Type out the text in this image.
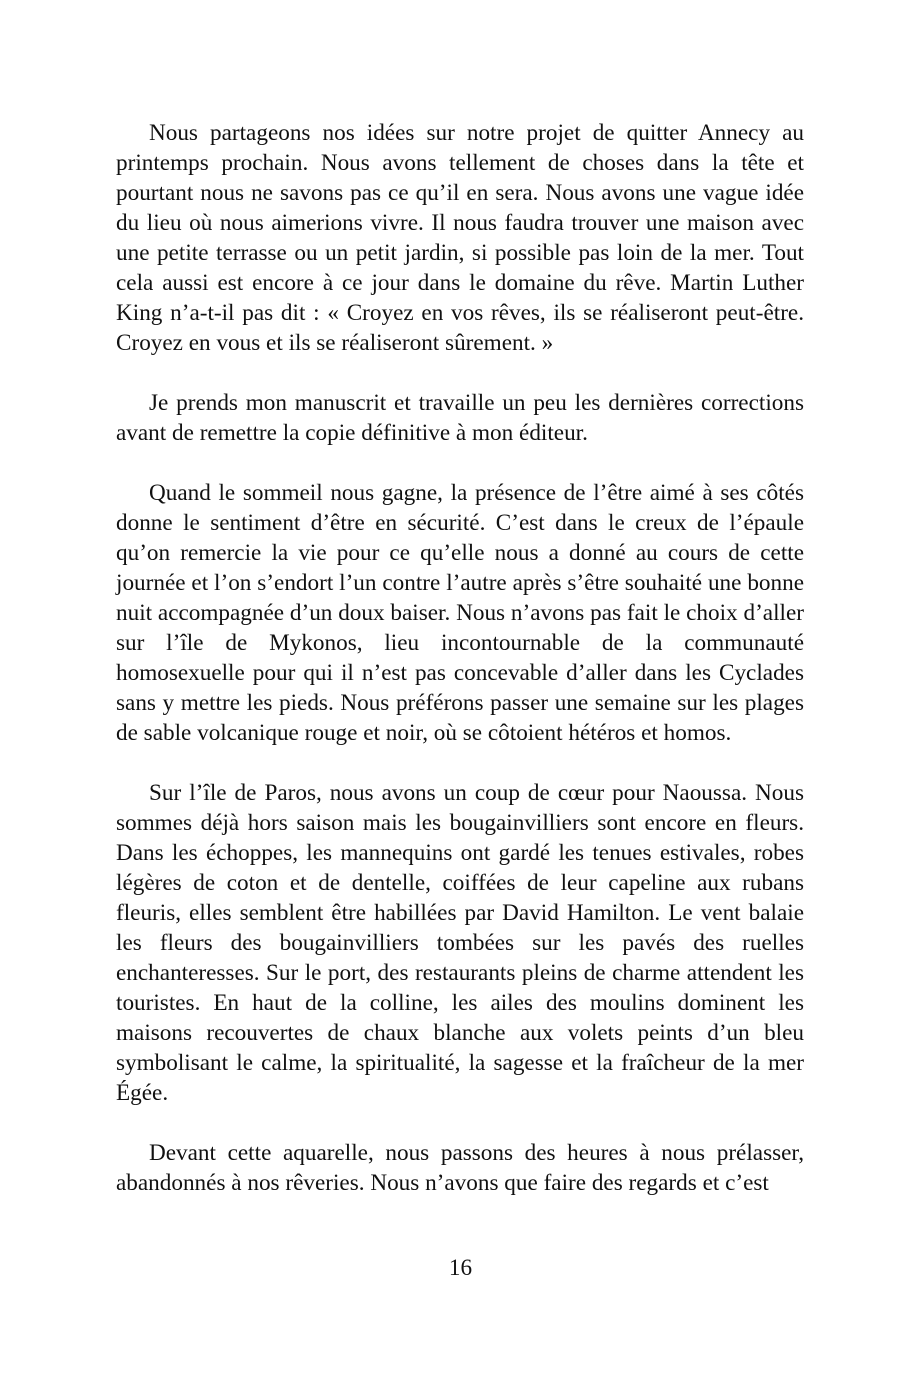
Nous partageons nos idées sur notre projet de quitter Annecy au printemps prochain. Nous avons tellement de choses dans la tête et pourtant nous ne savons pas ce qu’il en sera. Nous avons une vague idée du lieu où nous aimerions vivre. Il nous faudra trouver une maison avec une petite terrasse ou un petit jardin, si possible pas loin de la mer. Tout cela aussi est encore à ce jour dans le domaine du rêve. Martin Luther King n’a-t-il pas dit : « Croyez en vos rêves, ils se réaliseront peut-être. Croyez en vous et ils se réaliseront sûrement. »

Je prends mon manuscrit et travaille un peu les dernières corrections avant de remettre la copie définitive à mon éditeur.

Quand le sommeil nous gagne, la présence de l’être aimé à ses côtés donne le sentiment d’être en sécurité. C’est dans le creux de l’épaule qu’on remercie la vie pour ce qu’elle nous a donné au cours de cette journée et l’on s’endort l’un contre l’autre après s’être souhaité une bonne nuit accompagnée d’un doux baiser. Nous n’avons pas fait le choix d’aller sur l’île de Mykonos, lieu incontournable de la communauté homosexuelle pour qui il n’est pas concevable d’aller dans les Cyclades sans y mettre les pieds. Nous préférons passer une semaine sur les plages de sable volcanique rouge et noir, où se côtoient hétéros et homos.

Sur l’île de Paros, nous avons un coup de cœur pour Naoussa. Nous sommes déjà hors saison mais les bougainvilliers sont encore en fleurs. Dans les échoppes, les mannequins ont gardé les tenues estivales, robes légères de coton et de dentelle, coiffées de leur capeline aux rubans fleuris, elles semblent être habillées par David Hamilton. Le vent balaie les fleurs des bougainvilliers tombées sur les pavés des ruelles enchanteresses. Sur le port, des restaurants pleins de charme attendent les touristes. En haut de la colline, les ailes des moulins dominent les maisons recouvertes de chaux blanche aux volets peints d’un bleu symbolisant le calme, la spiritualité, la sagesse et la fraîcheur de la mer Égée.

Devant cette aquarelle, nous passons des heures à nous prélasser, abandonnés à nos rêveries. Nous n’avons que faire des regards et c’est

16
